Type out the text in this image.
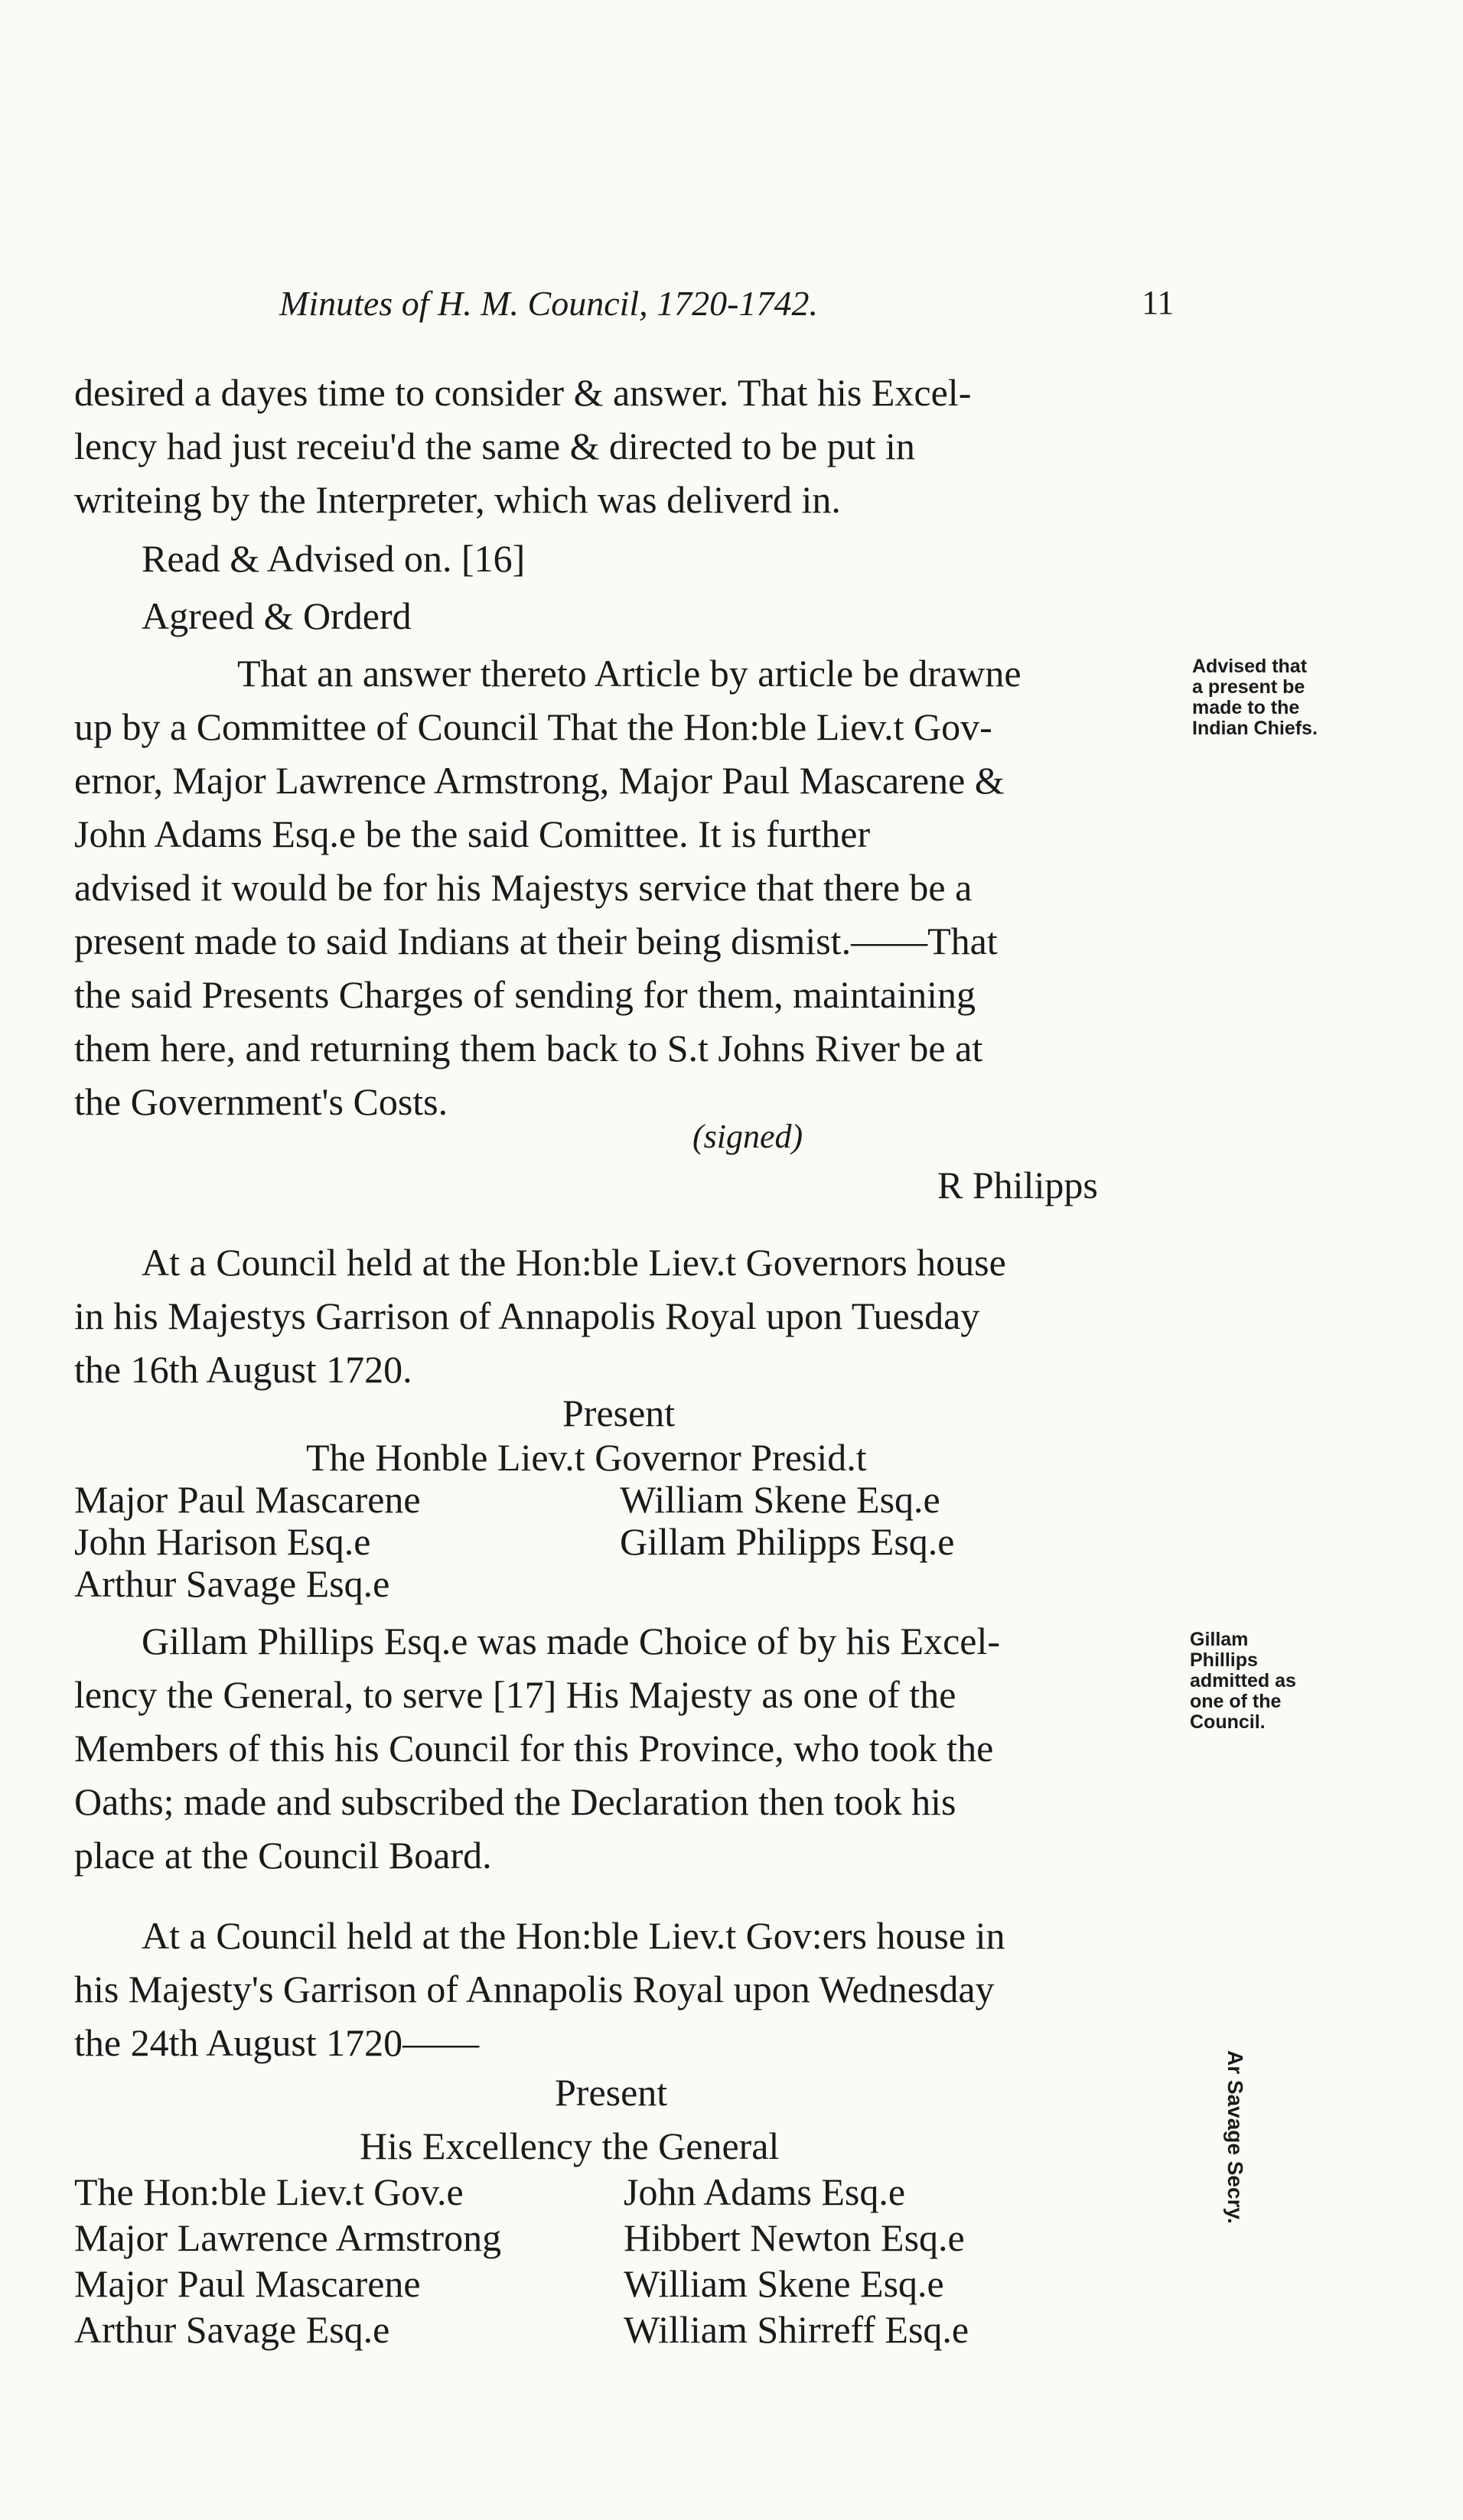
Minutes of H. M. Council, 1720-1742.	11
desired a dayes time to consider & answer. That his Excel-
lency had just receiu'd the same & directed to be put in
writeing by the Interpreter, which was deliverd in.
Read & Advised on. [16]
Agreed & Orderd
That an answer thereto Article by article be drawne
up by a Committee of Council That the Hon:ble Liev.t Gov-
ernor, Major Lawrence Armstrong, Major Paul Mascarene &
John Adams Esq.e be the said Comittee. It is further
advised it would be for his Majestys service that there be a
present made to said Indians at their being dismist.——That
the said Presents Charges of sending for them, maintaining
them here, and returning them back to S.t Johns River be at
the Government's Costs.
Advised that
a present be
made to the
Indian Chiefs.
(signed)
R Philipps
At a Council held at the Hon:ble Liev.t Governors house
in his Majestys Garrison of Annapolis Royal upon Tuesday
the 16th August 1720.
Present
The Honble Liev.t Governor Presid.t
Major Paul Mascarene
John Harison Esq.e
Arthur Savage Esq.e
William Skene Esq.e
Gillam Philipps Esq.e
Gillam Phillips Esq.e was made Choice of by his Excel-
lency the General, to serve [17] His Majesty as one of the
Members of this his Council for this Province, who took the
Oaths; made and subscribed the Declaration then took his
place at the Council Board.
Gillam
Phillips
admitted as
one of the
Council.
At a Council held at the Hon:ble Liev.t Gov:ers house in
his Majesty's Garrison of Annapolis Royal upon Wednesday
the 24th August 1720——
Present
His Excellency the General
The Hon:ble Liev.t Gov.e
Major Lawrence Armstrong
Major Paul Mascarene
Arthur Savage Esq.e
John Adams Esq.e
Hibbert Newton Esq.e
William Skene Esq.e
William Shirreff Esq.e
Ar Savage Secry.
